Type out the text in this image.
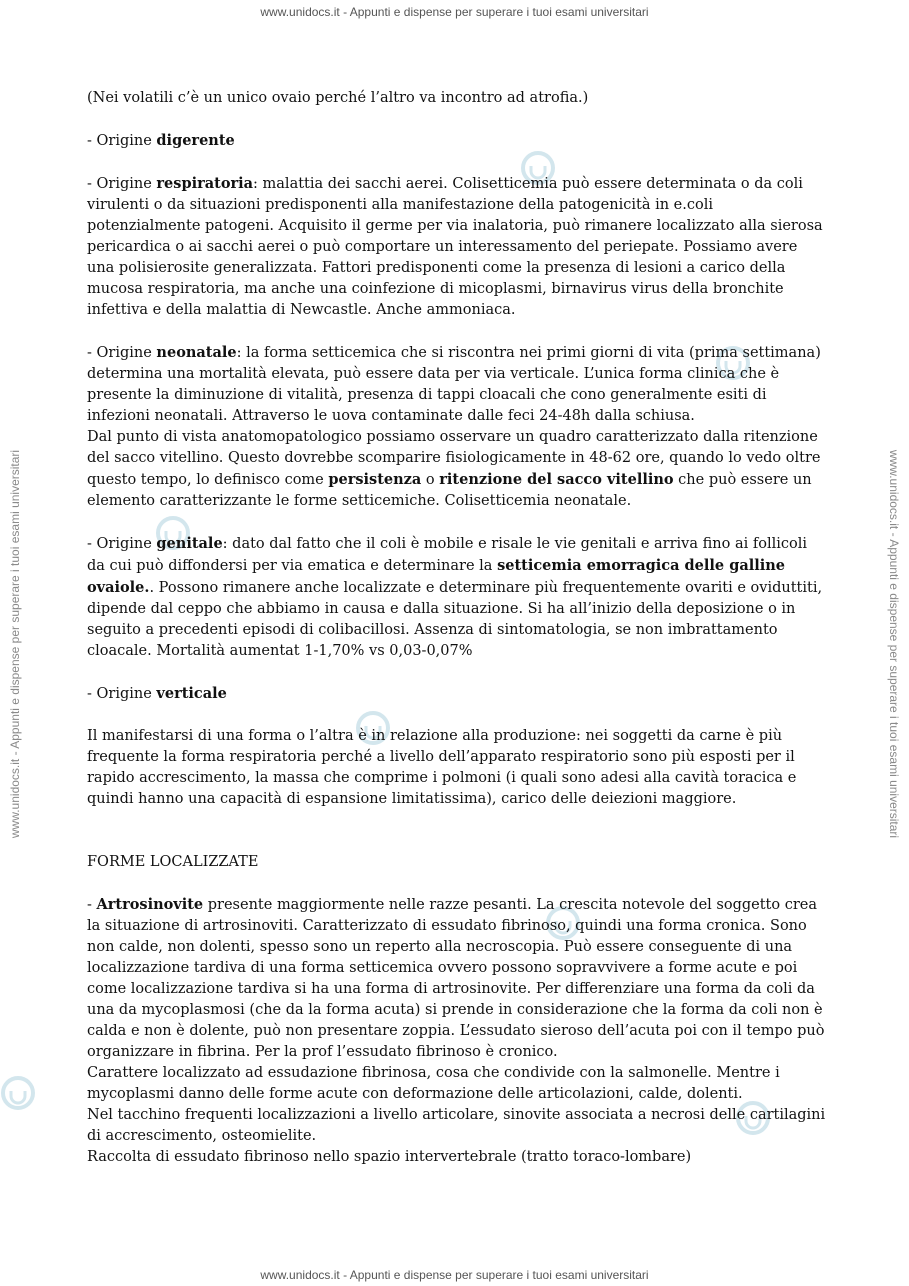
www.unidocs.it - Appunti e dispense per superare i tuoi esami universitari
www.unidocs.it - Appunti e dispense per superare i tuoi esami universitari
www.unidocs.it - Appunti e dispense per superare i tuoi esami universitari	www.unidocs.it - Appunti e dispense per superare i tuoi esami universitari

(Nei volatili c’è un unico ovaio perché l’altro va incontro ad atrofia.)

- Origine digerente

- Origine respiratoria: malattia dei sacchi aerei. Colisetticemia può essere determinata o da coli virulenti o da situazioni predisponenti alla manifestazione della patogenicità in e.coli potenzialmente patogeni. Acquisito il germe per via inalatoria, può rimanere localizzato alla sierosa pericardica o ai sacchi aerei o può comportare un interessamento del periepate. Possiamo avere una polisierosite generalizzata. Fattori predisponenti come la presenza di lesioni a carico della mucosa respiratoria, ma anche una coinfezione di micoplasmi, birnavirus virus della bronchite infettiva e della malattia di Newcastle. Anche ammoniaca.

- Origine neonatale: la forma setticemica che si riscontra nei primi giorni di vita (prima settimana) determina una mortalità elevata, può essere data per via verticale. L’unica forma clinica che è presente la diminuzione di vitalità, presenza di tappi cloacali che cono generalmente esiti di infezioni neonatali. Attraverso le uova contaminate dalle feci 24-48h dalla schiusa.

Dal punto di vista anatomopatologico possiamo osservare un quadro caratterizzato dalla ritenzione del sacco vitellino. Questo dovrebbe scomparire fisiologicamente in 48-62 ore, quando lo vedo oltre questo tempo, lo definisco come persistenza o ritenzione del sacco vitellino che può essere un elemento caratterizzante le forme setticemiche. Colisetticemia neonatale.

- Origine genitale: dato dal fatto che il coli è mobile e risale le vie genitali e arriva fino ai follicoli da cui può diffondersi per via ematica e determinare la setticemia emorragica delle galline ovaiole.. Possono rimanere anche localizzate e determinare più frequentemente ovariti e oviduttiti, dipende dal ceppo che abbiamo in causa e dalla situazione. Si ha all’inizio della deposizione o in seguito a precedenti episodi di colibacillosi. Assenza di sintomatologia, se non imbrattamento cloacale. Mortalità aumentat 1-1,70% vs 0,03-0,07%

- Origine verticale

Il manifestarsi di una forma o l’altra è in relazione alla produzione: nei soggetti da carne è più frequente la forma respiratoria perché a livello dell’apparato respiratorio sono più esposti per il rapido accrescimento, la massa che comprime i polmoni (i quali sono adesi alla cavità toracica e quindi hanno una capacità di espansione limitatissima), carico delle deiezioni maggiore.

FORME LOCALIZZATE

- Artrosinovite presente maggiormente nelle razze pesanti. La crescita notevole del soggetto crea la situazione di artrosinoviti. Caratterizzato di essudato fibrinoso, quindi una forma cronica. Sono non calde, non dolenti, spesso sono un reperto alla necroscopia. Può essere conseguente di una localizzazione tardiva di una forma setticemica ovvero possono sopravvivere a forme acute e poi come localizzazione tardiva si ha una forma di artrosinovite. Per differenziare una forma da coli da una da mycoplasmosi (che da la forma acuta) si prende in considerazione che la forma da coli non è calda e non è dolente, può non presentare zoppia. L’essudato sieroso dell’acuta poi con il tempo può organizzare in fibrina. Per la prof l’essudato fibrinoso è cronico.

Carattere localizzato ad essudazione fibrinosa, cosa che condivide con la salmonelle. Mentre i mycoplasmi danno delle forme acute con deformazione delle articolazioni, calde, dolenti.

Nel tacchino frequenti localizzazioni a livello articolare, sinovite associata a necrosi delle cartilagini di accrescimento, osteomielite.

Raccolta di essudato fibrinoso nello spazio intervertebrale (tratto toraco-lombare)
